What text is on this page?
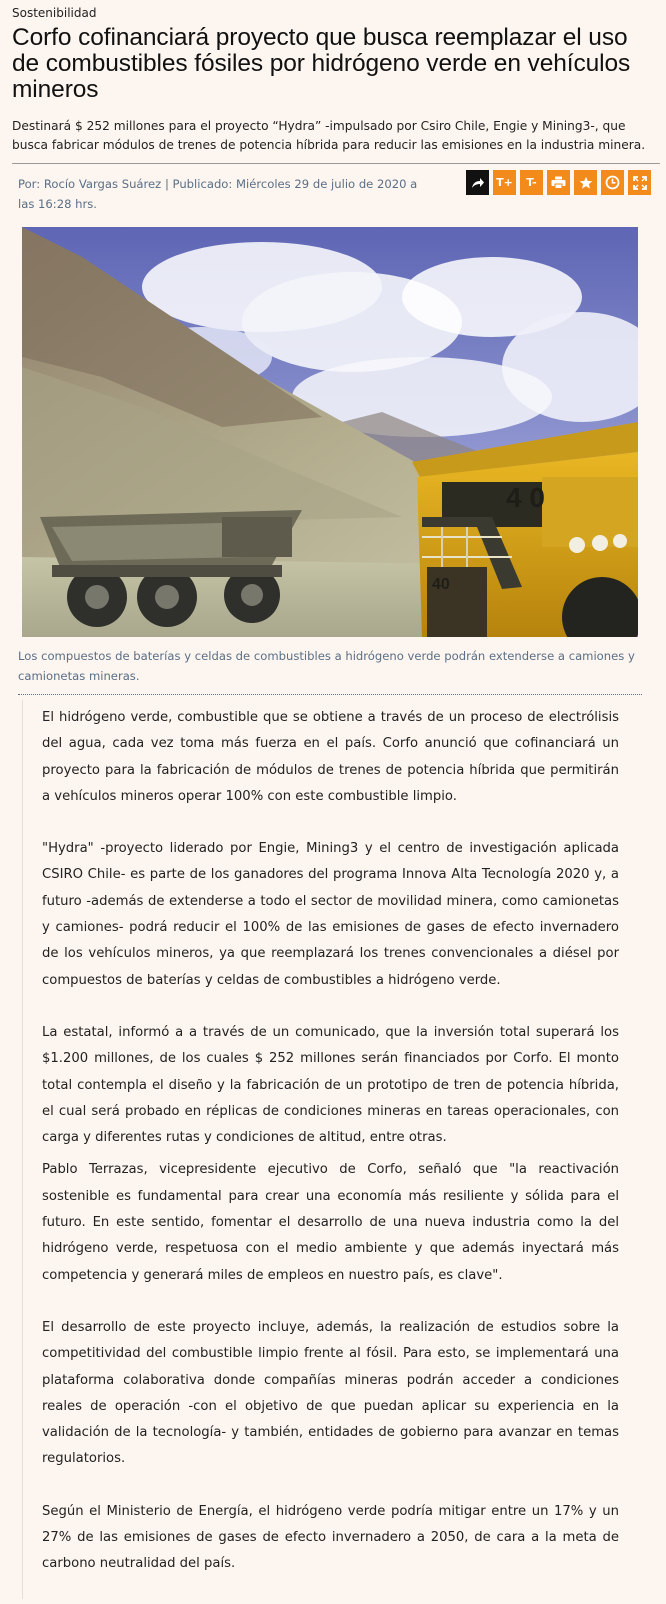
Sostenibilidad
Corfo cofinanciará proyecto que busca reemplazar el uso de combustibles fósiles por hidrógeno verde en vehículos mineros

Destinará $ 252 millones para el proyecto “Hydra” -impulsado por Csiro Chile, Engie y Mining3-, que busca fabricar módulos de trenes de potencia híbrida para reducir las emisiones en la industria minera.

Por: Rocío Vargas Suárez | Publicado: Miércoles 29 de julio de 2020 a las 16:28 hrs.
T+	T-
4 0
40

Los compuestos de baterías y celdas de combustibles a hidrógeno verde podrán extenderse a camiones y camionetas mineras.

El hidrógeno verde, combustible que se obtiene a través de un proceso de electrólisis del agua, cada vez toma más fuerza en el país. Corfo anunció que cofinanciará un proyecto para la fabricación de módulos de trenes de potencia híbrida que permitirán a vehículos mineros operar 100% con este combustible limpio.

"Hydra" -proyecto liderado por Engie, Mining3 y el centro de investigación aplicada CSIRO Chile- es parte de los ganadores del programa Innova Alta Tecnología 2020 y, a futuro -además de extenderse a todo el sector de movilidad minera, como camionetas y camiones- podrá reducir el 100% de las emisiones de gases de efecto invernadero de los vehículos mineros, ya que reemplazará los trenes convencionales a diésel por compuestos de baterías y celdas de combustibles a hidrógeno verde.

La estatal, informó a a través de un comunicado, que la inversión total superará los $1.200 millones, de los cuales $ 252 millones serán financiados por Corfo. El monto total contempla el diseño y la fabricación de un prototipo de tren de potencia híbrida, el cual será probado en réplicas de condiciones mineras en tareas operacionales, con carga y diferentes rutas y condiciones de altitud, entre otras.

Pablo Terrazas, vicepresidente ejecutivo de Corfo, señaló que "la reactivación sostenible es fundamental para crear una economía más resiliente y sólida para el futuro. En este sentido, fomentar el desarrollo de una nueva industria como la del hidrógeno verde, respetuosa con el medio ambiente y que además inyectará más competencia y generará miles de empleos en nuestro país, es clave".

El desarrollo de este proyecto incluye, además, la realización de estudios sobre la competitividad del combustible limpio frente al fósil. Para esto, se implementará una plataforma colaborativa donde compañías mineras podrán acceder a condiciones reales de operación -con el objetivo de que puedan aplicar su experiencia en la validación de la tecnología- y también, entidades de gobierno para avanzar en temas regulatorios.

Según el Ministerio de Energía, el hidrógeno verde podría mitigar entre un 17% y un 27% de las emisiones de gases de efecto invernadero a 2050, de cara a la meta de carbono neutralidad del país.
